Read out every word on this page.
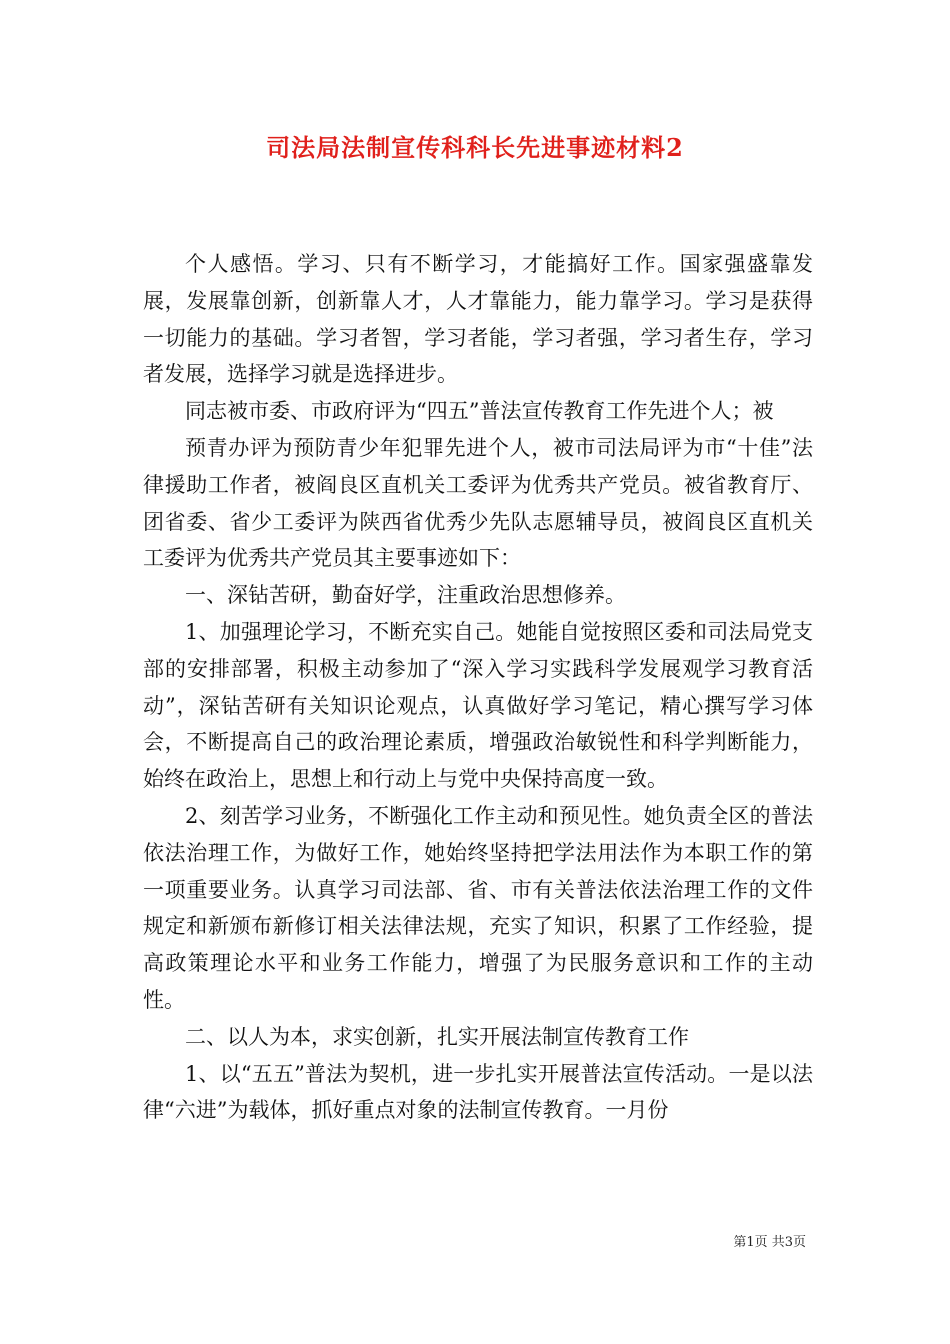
司法局法制宣传科科长先进事迹材料2

个人感悟。学习、只有不断学习，才能搞好工作。国家强盛靠发展，发展靠创新，创新靠人才，人才靠能力，能力靠学习。学习是获得一切能力的基础。学习者智，学习者能，学习者强，学习者生存，学习者发展，选择学习就是选择进步。

同志被市委、市政府评为“四五”普法宣传教育工作先进个人；被

预青办评为预防青少年犯罪先进个人，被市司法局评为市“十佳”法律援助工作者，被阎良区直机关工委评为优秀共产党员。被省教育厅、团省委、省少工委评为陕西省优秀少先队志愿辅导员，被阎良区直机关工委评为优秀共产党员其主要事迹如下：

一、深钻苦研，勤奋好学，注重政治思想修养。

1、加强理论学习，不断充实自己。她能自觉按照区委和司法局党支部的安排部署，积极主动参加了“深入学习实践科学发展观学习教育活动”，深钻苦研有关知识论观点，认真做好学习笔记，精心撰写学习体会，不断提高自己的政治理论素质，增强政治敏锐性和科学判断能力，始终在政治上，思想上和行动上与党中央保持高度一致。

2、刻苦学习业务，不断强化工作主动和预见性。她负责全区的普法依法治理工作，为做好工作，她始终坚持把学法用法作为本职工作的第一项重要业务。认真学习司法部、省、市有关普法依法治理工作的文件规定和新颁布新修订相关法律法规，充实了知识，积累了工作经验，提高政策理论水平和业务工作能力，增强了为民服务意识和工作的主动性。

二、以人为本，求实创新，扎实开展法制宣传教育工作

1、以“五五”普法为契机，进一步扎实开展普法宣传活动。一是以法律“六进”为载体，抓好重点对象的法制宣传教育。一月份

第1页 共3页
